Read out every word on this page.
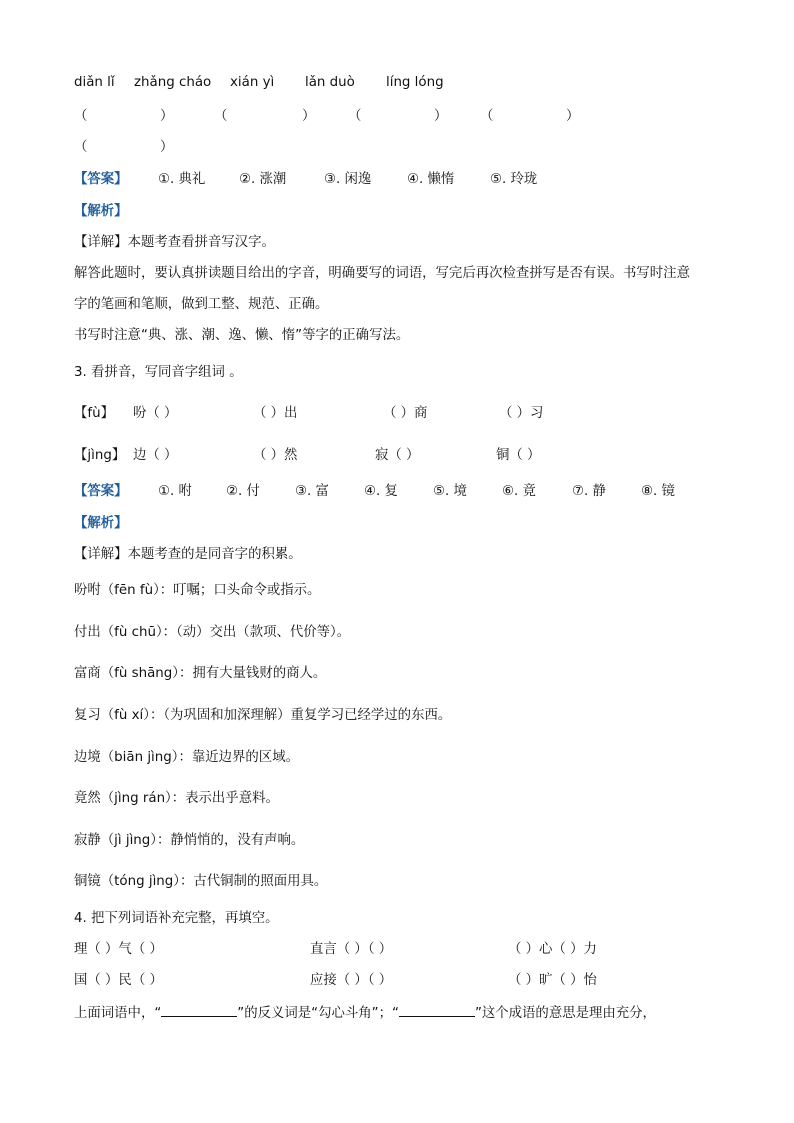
diǎn lǐ zhǎng cháo xián yì lǎn duò líng lóng
（	）	（	） （	） （	）
（	）
【答案】 ①. 典礼	②. 涨潮	③. 闲逸	④. 懒惰	⑤. 玲珑
【解析】
【详解】本题考查看拼音写汉字。
解答此题时，要认真拼读题目给出的字音，明确要写的词语，写完后再次检查拼写是否有误。书写时注意
字的笔画和笔顺，做到工整、规范、正确。
书写时注意“典、涨、潮、逸、懒、惰”等字的正确写法。
3. 看拼音，写同音字组词 。
【fù】 吩（ ）	（ ）出	（ ）商	（ ）习
【jìng】 边（ ）	（ ）然	寂（ ）	铜（ ）
【答案】 ①. 咐	②. 付	③. 富	④. 复	⑤. 境	⑥. 竟	⑦. 静	⑧. 镜
【解析】
【详解】本题考查的是同音字的积累。
吩咐（fēn fù）：叮嘱；口头命令或指示。
付出（fù chū）：（动）交出（款项、代价等）。
富商（fù shāng）：拥有大量钱财的商人。
复习（fù xí）：（为巩固和加深理解）重复学习已经学过的东西。
边境（biān jìng）：靠近边界的区域。
竟然（jìng rán）：表示出乎意料。
寂静（jì jìng）：静悄悄的，没有声响。
铜镜（tóng jìng）：古代铜制的照面用具。
4. 把下列词语补充完整，再填空。
理（ ）气（ ）	直言（ ）（ ）	（ ）心（ ）力
国（ ）民（ ）	应接（ ）（ ）	（ ）旷（ ）怡
上面词语中，“	”的反义词是“勾心斗角”；“	”这个成语的意思是理由充分，
